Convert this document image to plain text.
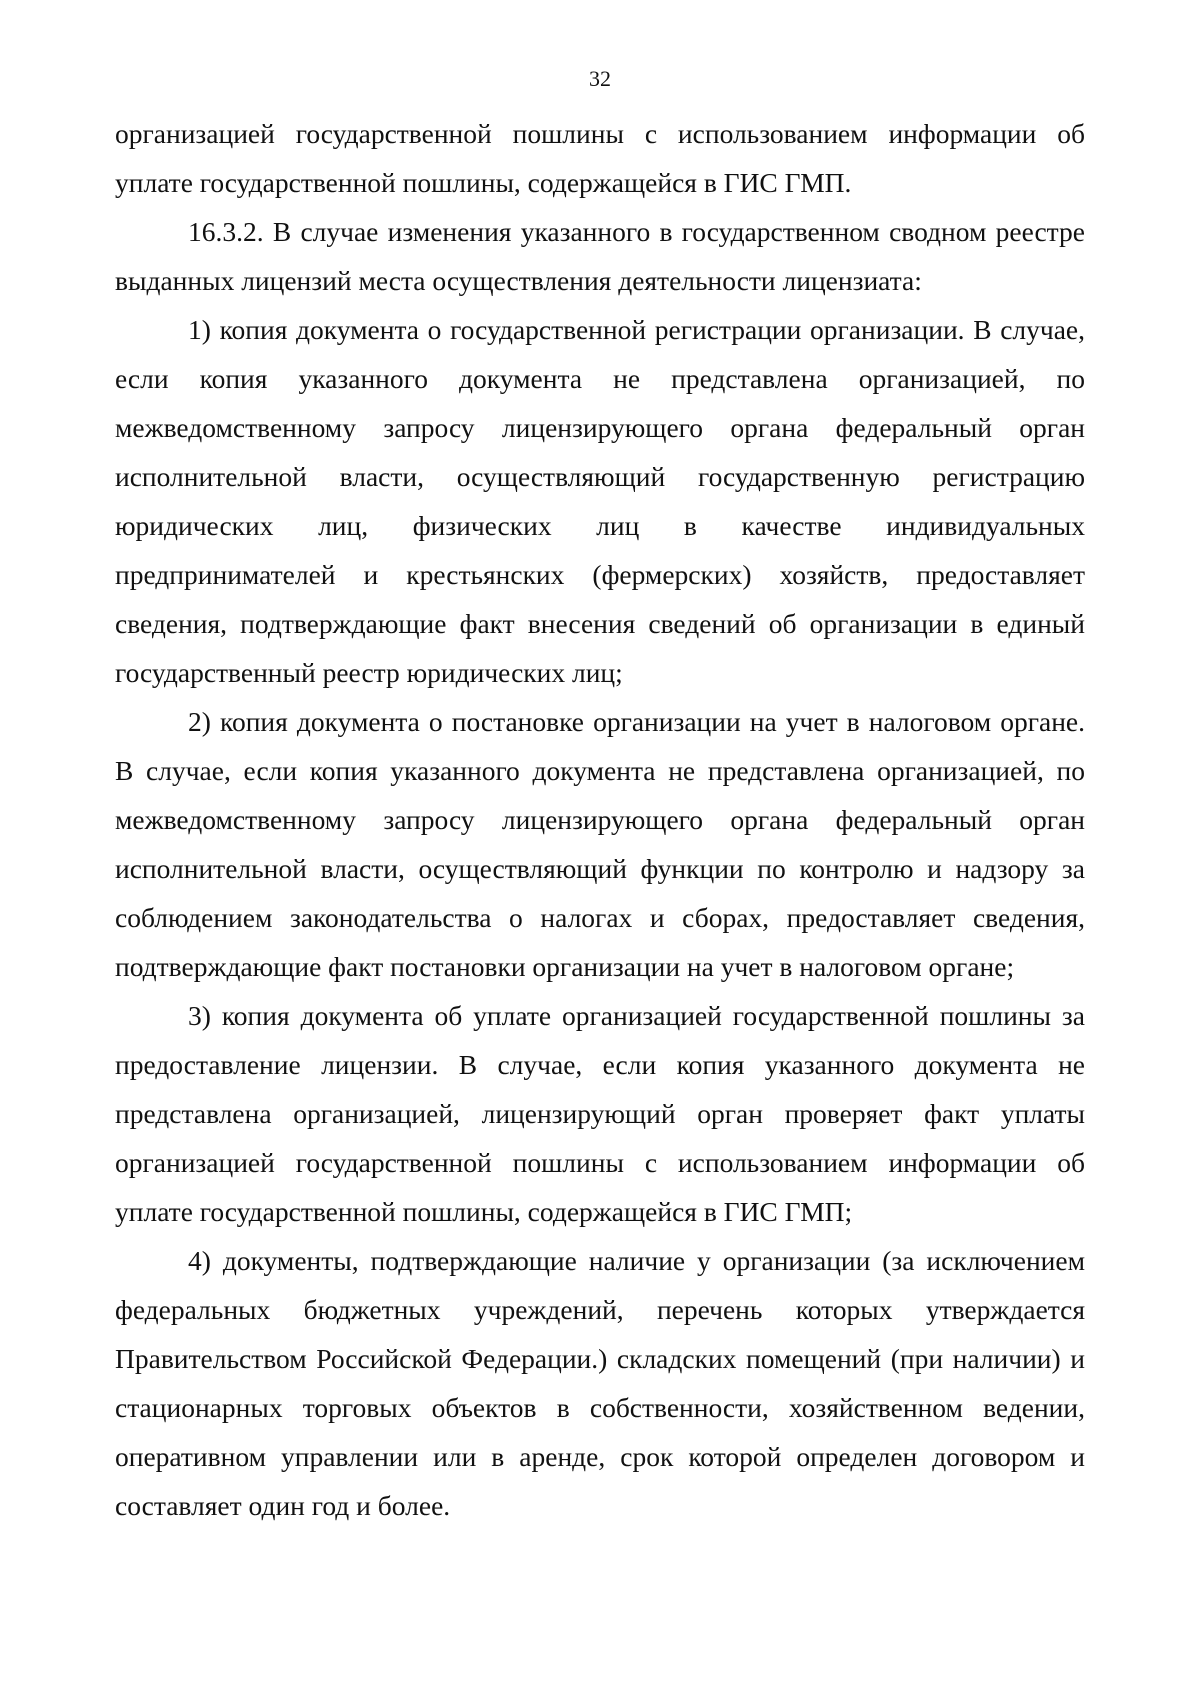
32

организацией государственной пошлины с использованием информации об уплате государственной пошлины, содержащейся в ГИС ГМП.

16.3.2. В случае изменения указанного в государственном сводном реестре выданных лицензий места осуществления деятельности лицензиата:

1) копия документа о государственной регистрации организации. В случае, если копия указанного документа не представлена организацией, по межведомственному запросу лицензирующего органа федеральный орган исполнительной власти, осуществляющий государственную регистрацию юридических лиц, физических лиц в качестве индивидуальных предпринимателей и крестьянских (фермерских) хозяйств, предоставляет сведения, подтверждающие факт внесения сведений об организации в единый государственный реестр юридических лиц;

2) копия документа о постановке организации на учет в налоговом органе. В случае, если копия указанного документа не представлена организацией, по межведомственному запросу лицензирующего органа федеральный орган исполнительной власти, осуществляющий функции по контролю и надзору за соблюдением законодательства о налогах и сборах, предоставляет сведения, подтверждающие факт постановки организации на учет в налоговом органе;

3) копия документа об уплате организацией государственной пошлины за предоставление лицензии. В случае, если копия указанного документа не представлена организацией, лицензирующий орган проверяет факт уплаты организацией государственной пошлины с использованием информации об уплате государственной пошлины, содержащейся в ГИС ГМП;

4) документы, подтверждающие наличие у организации (за исключением федеральных бюджетных учреждений, перечень которых утверждается Правительством Российской Федерации.) складских помещений (при наличии) и стационарных торговых объектов в собственности, хозяйственном ведении, оперативном управлении или в аренде, срок которой определен договором и составляет один год и более.
